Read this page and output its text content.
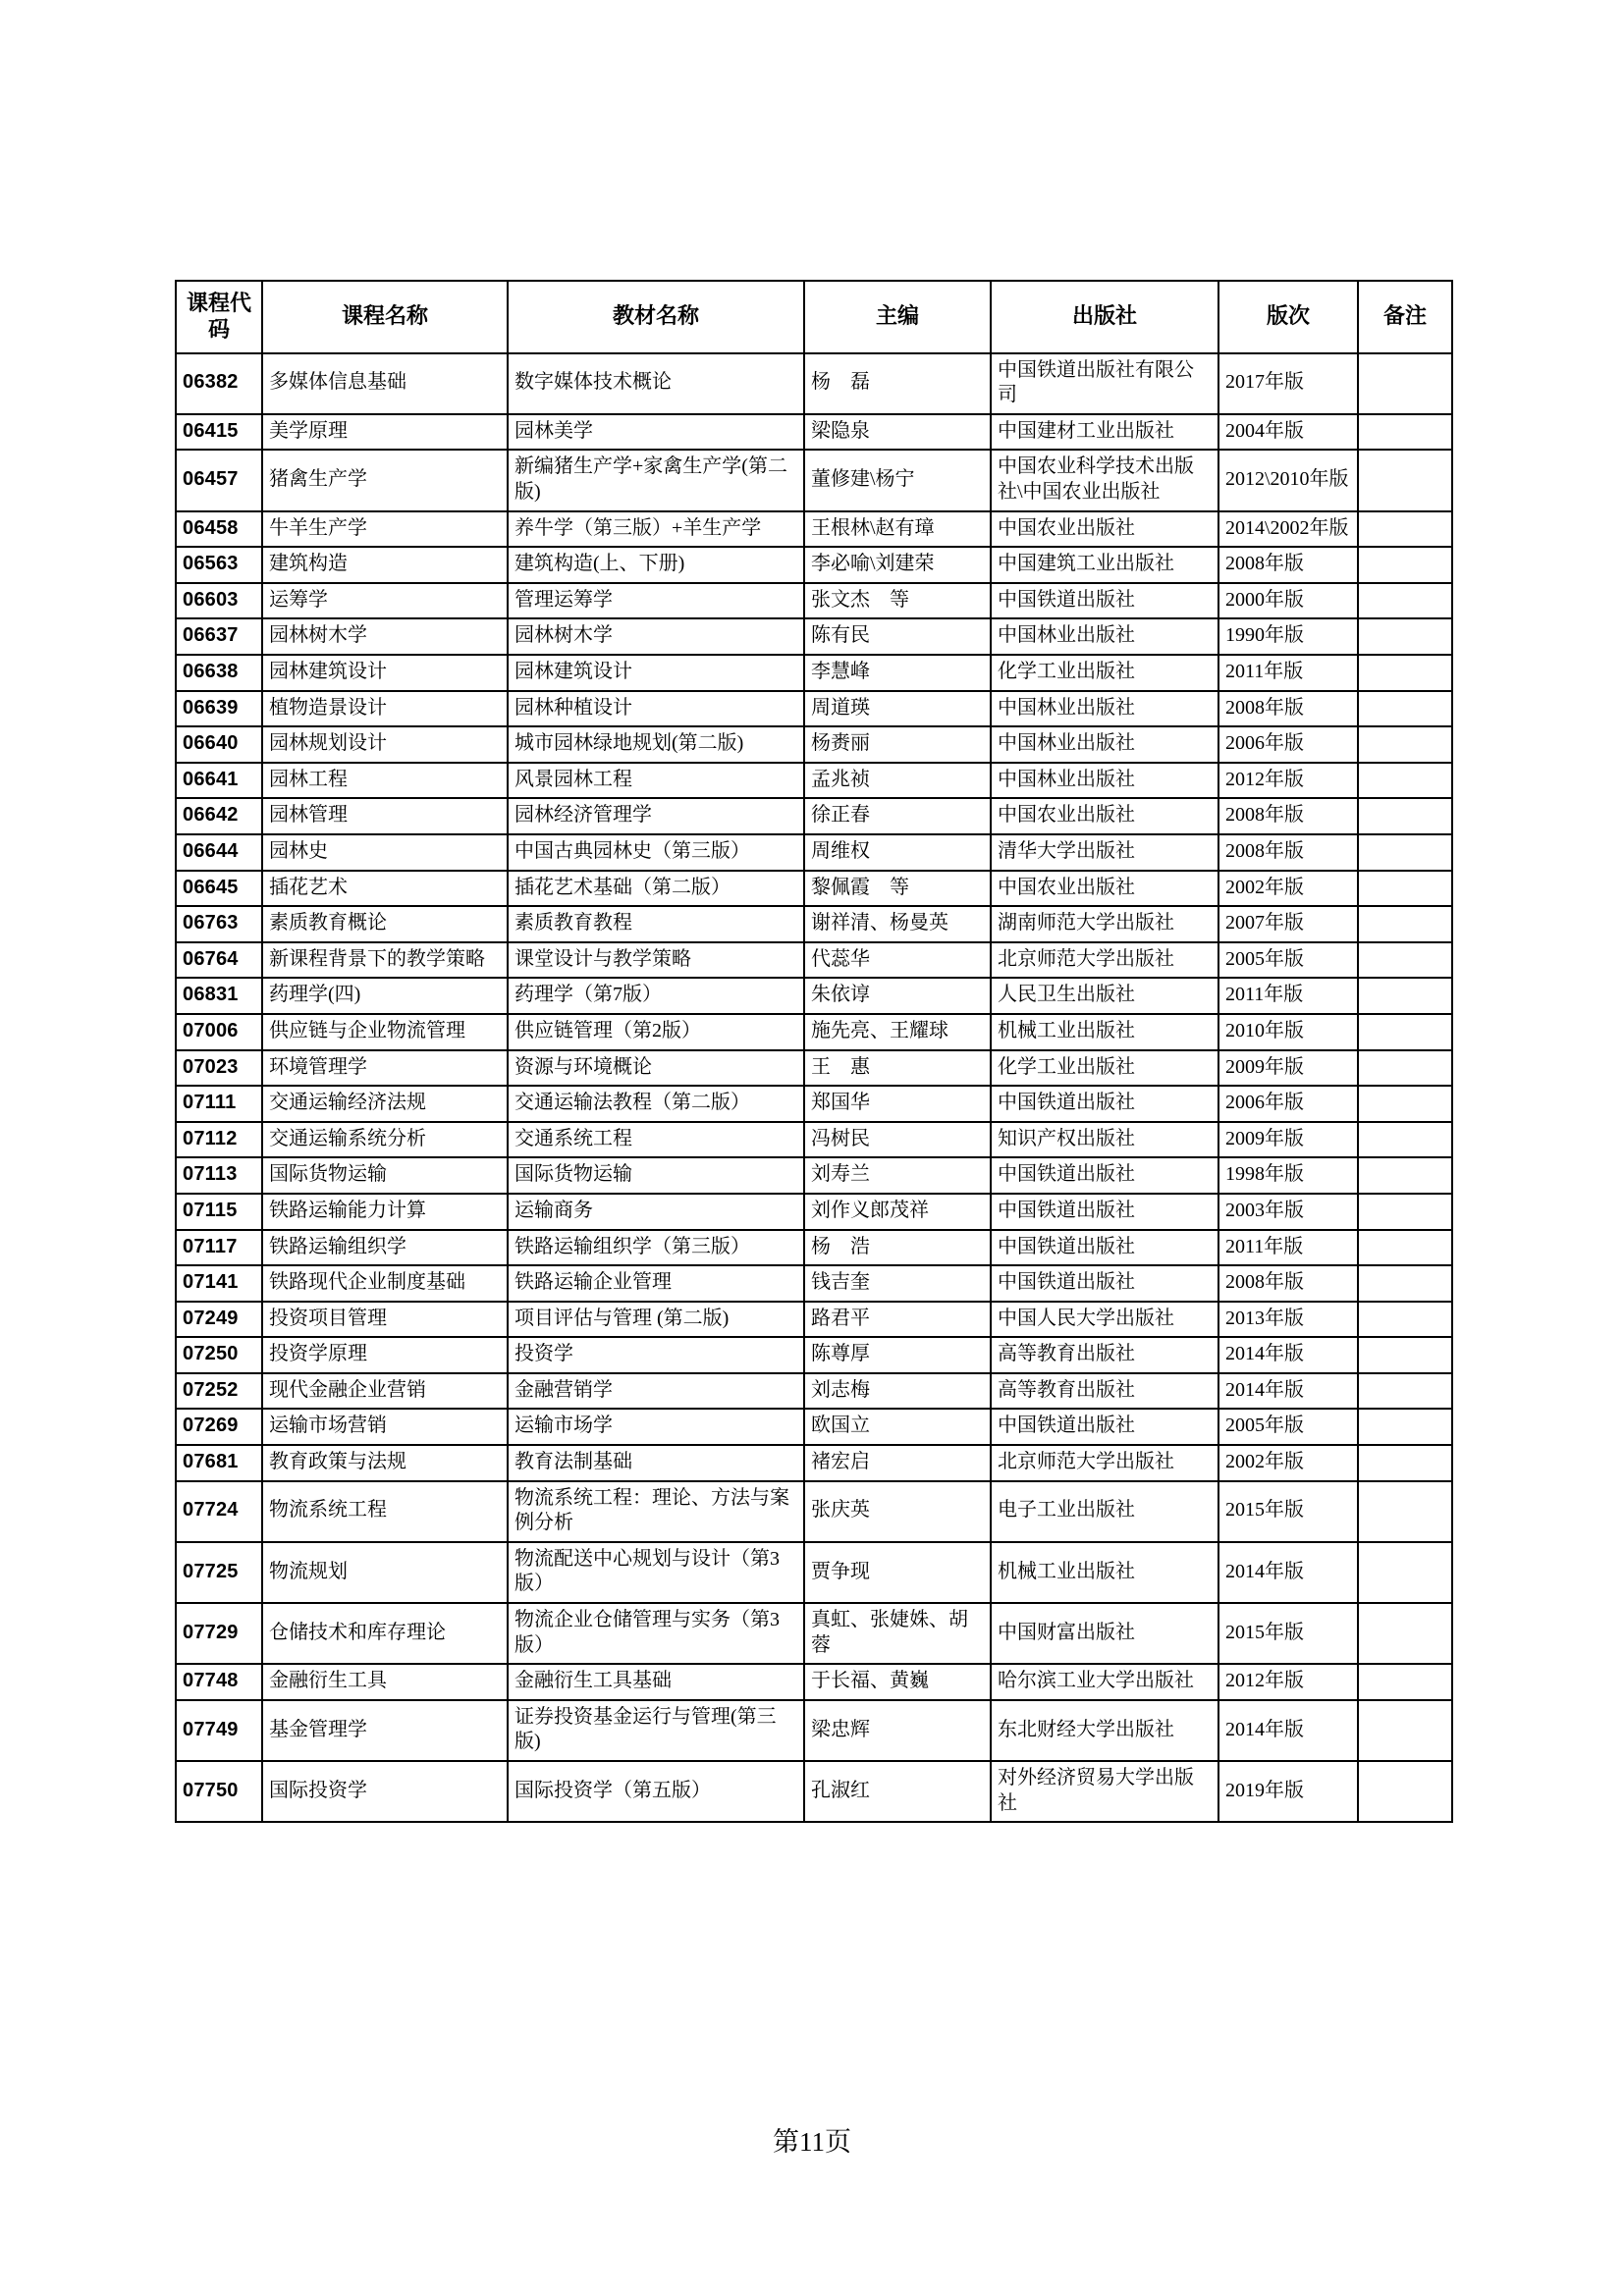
课程代码	课程名称	教材名称	主编	出版社	版次	备注
06382	多媒体信息基础	数字媒体技术概论	杨　磊	中国铁道出版社有限公司	2017年版	
06415	美学原理	园林美学	梁隐泉	中国建材工业出版社	2004年版	
06457	猪禽生产学	新编猪生产学+家禽生产学(第二版)	董修建\杨宁	中国农业科学技术出版社\中国农业出版社	2012\2010年版	
06458	牛羊生产学	养牛学（第三版）+羊生产学	王根林\赵有璋	中国农业出版社	2014\2002年版	
06563	建筑构造	建筑构造(上、下册)	李必喻\刘建荣	中国建筑工业出版社	2008年版	
06603	运筹学	管理运筹学	张文杰　等	中国铁道出版社	2000年版	
06637	园林树木学	园林树木学	陈有民	中国林业出版社	1990年版	
06638	园林建筑设计	园林建筑设计	李慧峰	化学工业出版社	2011年版	
06639	植物造景设计	园林种植设计	周道瑛	中国林业出版社	2008年版	
06640	园林规划设计	城市园林绿地规划(第二版)	杨赉丽	中国林业出版社	2006年版	
06641	园林工程	风景园林工程	孟兆祯	中国林业出版社	2012年版	
06642	园林管理	园林经济管理学	徐正春	中国农业出版社	2008年版	
06644	园林史	中国古典园林史（第三版）	周维权	清华大学出版社	2008年版	
06645	插花艺术	插花艺术基础（第二版）	黎佩霞　等	中国农业出版社	2002年版	
06763	素质教育概论	素质教育教程	谢祥清、杨曼英	湖南师范大学出版社	2007年版	
06764	新课程背景下的教学策略	课堂设计与教学策略	代蕊华	北京师范大学出版社	2005年版	
06831	药理学(四)	药理学（第7版）	朱依谆	人民卫生出版社	2011年版	
07006	供应链与企业物流管理	供应链管理（第2版）	施先亮、王耀球	机械工业出版社	2010年版	
07023	环境管理学	资源与环境概论	王　惠	化学工业出版社	2009年版	
07111	交通运输经济法规	交通运输法教程（第二版）	郑国华	中国铁道出版社	2006年版	
07112	交通运输系统分析	交通系统工程	冯树民	知识产权出版社	2009年版	
07113	国际货物运输	国际货物运输	刘寿兰	中国铁道出版社	1998年版	
07115	铁路运输能力计算	运输商务	刘作义郎茂祥	中国铁道出版社	2003年版	
07117	铁路运输组织学	铁路运输组织学（第三版）	杨　浩	中国铁道出版社	2011年版	
07141	铁路现代企业制度基础	铁路运输企业管理	钱吉奎	中国铁道出版社	2008年版	
07249	投资项目管理	项目评估与管理 (第二版)	路君平	中国人民大学出版社	2013年版	
07250	投资学原理	投资学	陈尊厚	高等教育出版社	2014年版	
07252	现代金融企业营销	金融营销学	刘志梅	高等教育出版社	2014年版	
07269	运输市场营销	运输市场学	欧国立	中国铁道出版社	2005年版	
07681	教育政策与法规	教育法制基础	褚宏启	北京师范大学出版社	2002年版	
07724	物流系统工程	物流系统工程：理论、方法与案例分析	张庆英	电子工业出版社	2015年版	
07725	物流规划	物流配送中心规划与设计（第3版）	贾争现	机械工业出版社	2014年版	
07729	仓储技术和库存理论	物流企业仓储管理与实务（第3版）	真虹、张婕姝、胡蓉	中国财富出版社	2015年版	
07748	金融衍生工具	金融衍生工具基础	于长福、黄巍	哈尔滨工业大学出版社	2012年版	
07749	基金管理学	证券投资基金运行与管理(第三版)	梁忠辉	东北财经大学出版社	2014年版	
07750	国际投资学	国际投资学（第五版）	孔淑红	对外经济贸易大学出版社	2019年版	
第11页
